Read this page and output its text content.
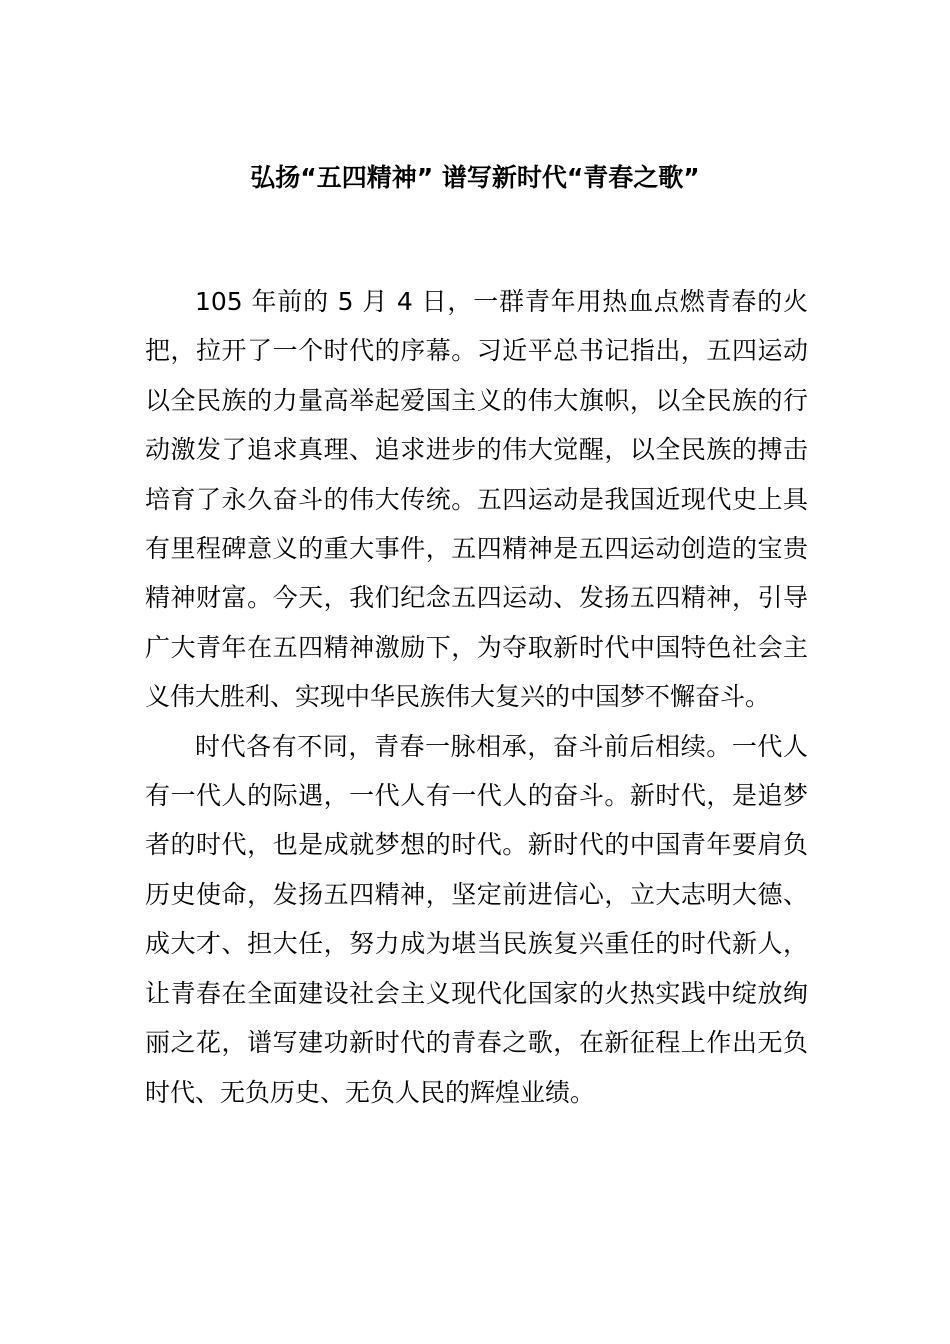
弘扬“五四精神” 谱写新时代“青春之歌”

105 年前的 5 月 4 日，一群青年用热血点燃青春的火把，拉开了一个时代的序幕。习近平总书记指出，五四运动以全民族的力量高举起爱国主义的伟大旗帜，以全民族的行动激发了追求真理、追求进步的伟大觉醒，以全民族的搏击培育了永久奋斗的伟大传统。五四运动是我国近现代史上具有里程碑意义的重大事件，五四精神是五四运动创造的宝贵精神财富。今天，我们纪念五四运动、发扬五四精神，引导广大青年在五四精神激励下，为夺取新时代中国特色社会主义伟大胜利、实现中华民族伟大复兴的中国梦不懈奋斗。

时代各有不同，青春一脉相承，奋斗前后相续。一代人有一代人的际遇，一代人有一代人的奋斗。新时代，是追梦者的时代，也是成就梦想的时代。新时代的中国青年要肩负历史使命，发扬五四精神，坚定前进信心，立大志明大德、成大才、担大任，努力成为堪当民族复兴重任的时代新人，让青春在全面建设社会主义现代化国家的火热实践中绽放绚丽之花，谱写建功新时代的青春之歌，在新征程上作出无负时代、无负历史、无负人民的辉煌业绩。
